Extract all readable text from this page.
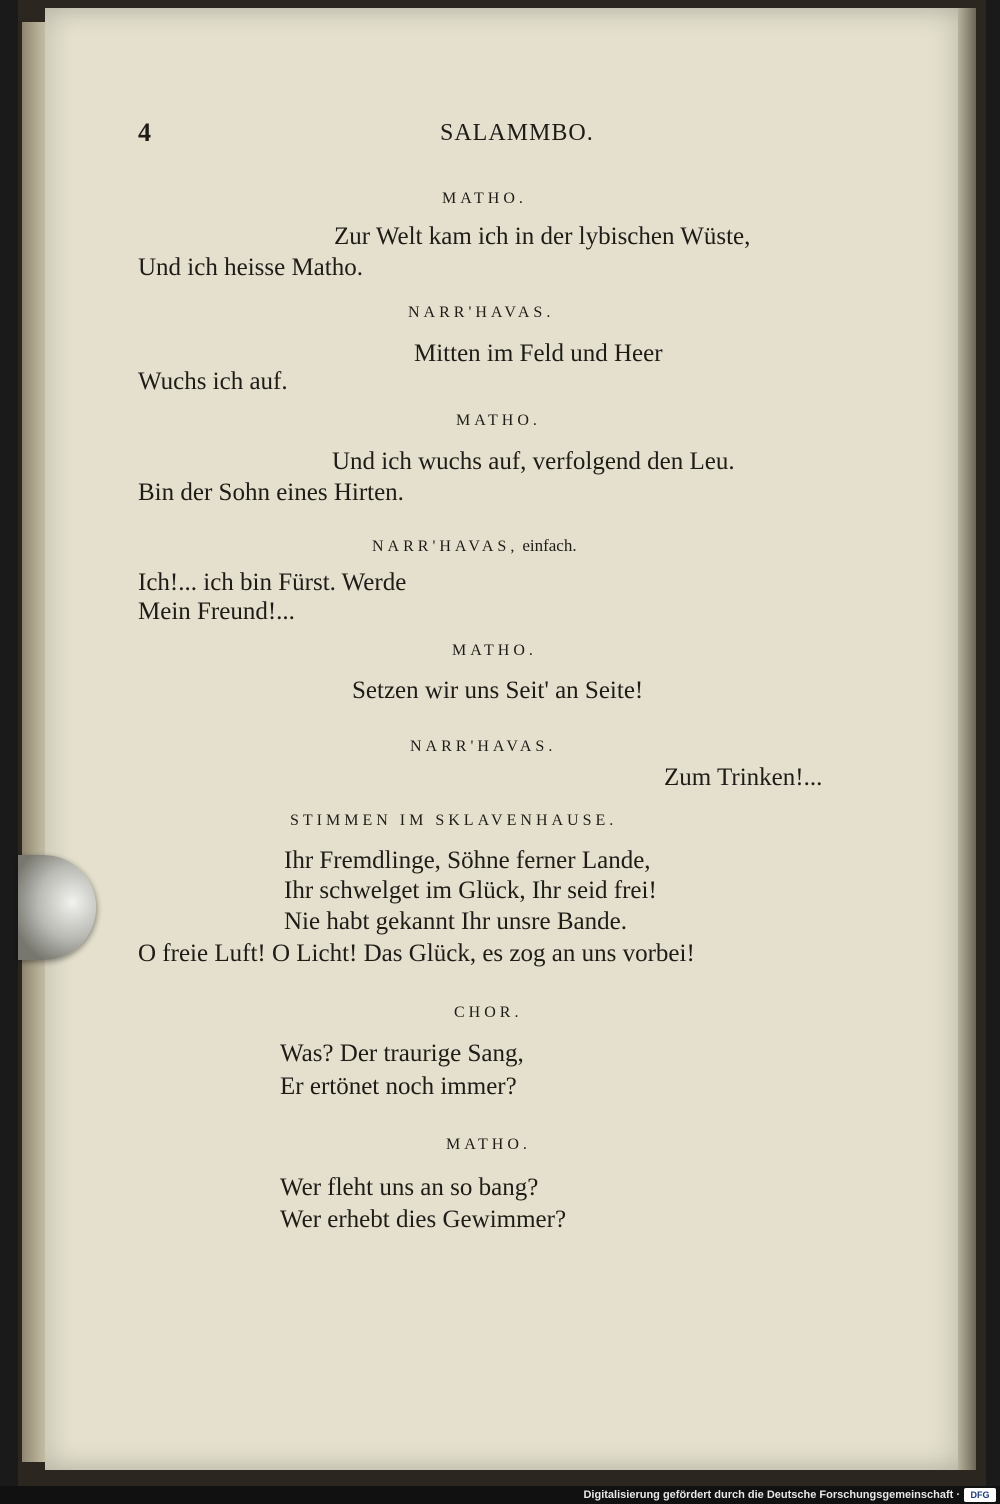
4	SALAMMBO.
MATHO.
Zur Welt kam ich in der lybischen Wüste,
Und ich heisse Matho.
NARR'HAVAS.
Mitten im Feld und Heer
Wuchs ich auf.
MATHO.
Und ich wuchs auf, verfolgend den Leu.
Bin der Sohn eines Hirten.
NARR'HAVAS, einfach.
Ich!... ich bin Fürst. Werde
Mein Freund!...
MATHO.
Setzen wir uns Seit' an Seite!
NARR'HAVAS.
Zum Trinken!...
STIMMEN IM SKLAVENHAUSE.
Ihr Fremdlinge, Söhne ferner Lande,
Ihr schwelget im Glück, Ihr seid frei!
Nie habt gekannt Ihr unsre Bande.
O freie Luft! O Licht! Das Glück, es zog an uns vorbei!
CHOR.
Was? Der traurige Sang,
Er ertönet noch immer?
MATHO.
Wer fleht uns an so bang?
Wer erhebt dies Gewimmer?
Digitalisierung gefördert durch die Deutsche Forschungsgemeinschaft ·	DFG
